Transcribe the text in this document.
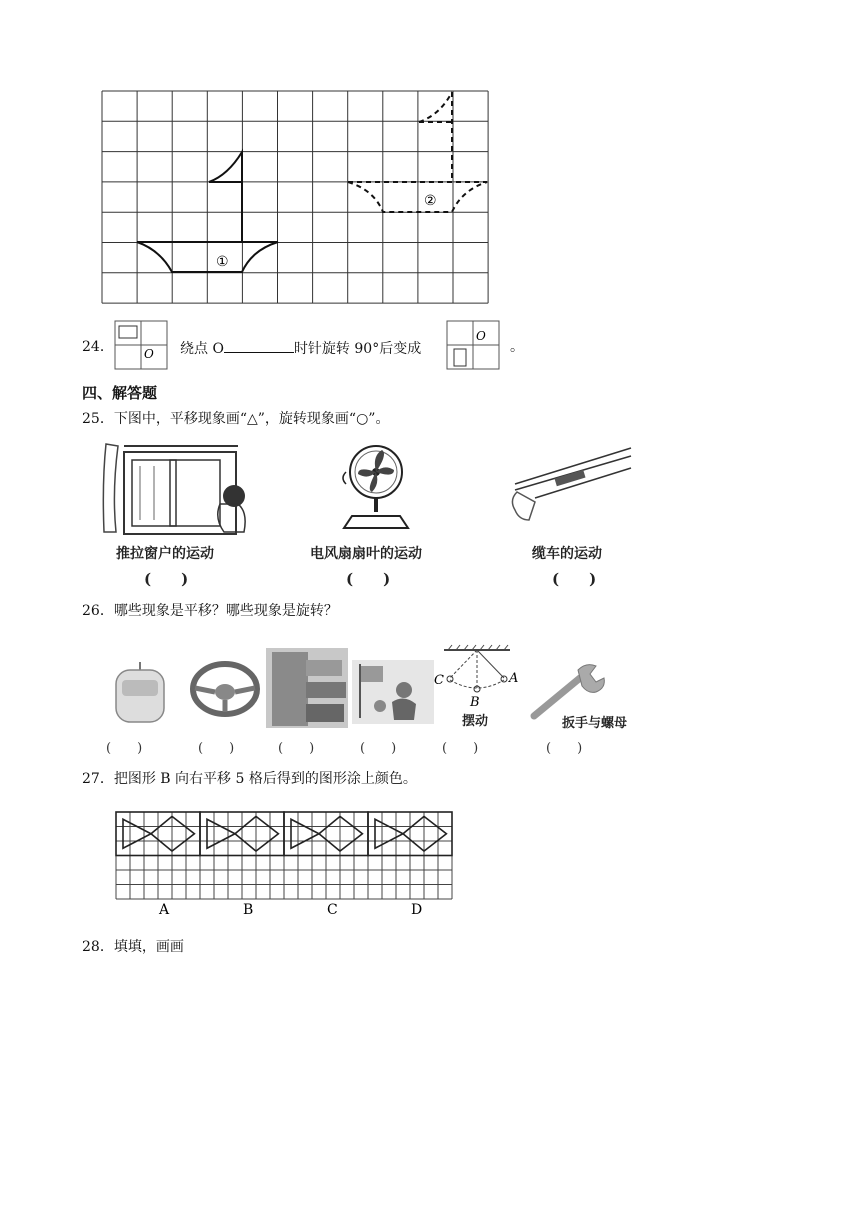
①
②
24．	O 绕点 O	时针旋转 90°后变成
O
。
四、解答题
25．下图中，平移现象画“△”，旋转现象画“○”。
推拉窗户的运动
(　　)
电风扇扇叶的运动
(　　)
缆车的运动
(　　)
26．哪些现象是平移？哪些现象是旋转？
C	A
B
摆动	扳手与螺母
(　　)	(　　)	(　　)	(　　)	(　　)	(　　)
27．把图形 B 向右平移 5 格后得到的图形涂上颜色。
A	B	C	D
28．填填，画画
